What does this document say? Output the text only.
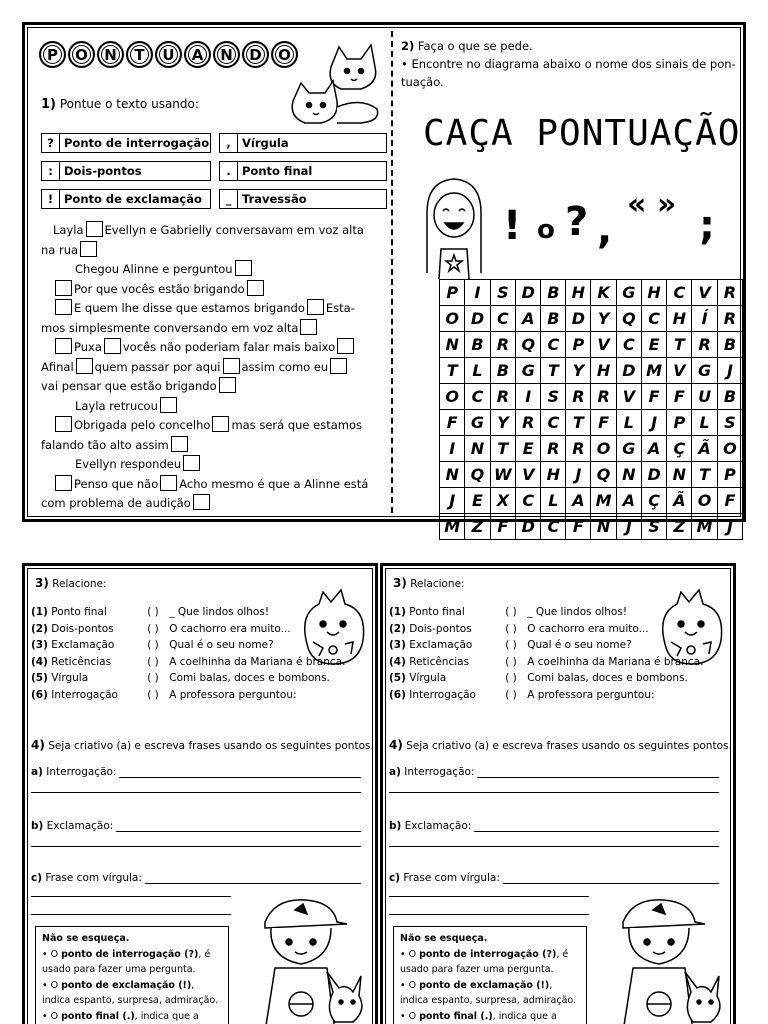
P	O	N	T	U	A	N	D	O
1) Pontue o texto usando:
? Ponto de interrogação	, Vírgula
: Dois-pontos	. Ponto final
! Ponto de exclamação	_ Travessão

Layla Evellyn e Gabrielly conversavam em voz alta

na rua

Chegou Alinne e perguntou

Por que vocês estão brigando

E quem lhe disse que estamos brigando Esta-

mos simplesmente conversando em voz alta

Puxa vocês não poderiam falar mais baixo

Afinal quem passar por aqui assim como eu

vai pensar que estão brigando

Layla retrucou

Obrigada pelo concelho mas será que estamos

falando tão alto assim

Evellyn respondeu

Penso que não Acho mesmo é que a Alinne está

com problema de audição

2) Faça o que se pede.

• Encontre no diagrama abaixo o nome dos sinais de pon-

tuação.

CAÇA PONTUAÇÃO
! o ? ,
« » ;
P	I	S	D	B	H	K	G	H	C	V	R
O	D	C	A	B	D	Y	Q	C	H	Í	R
N	B	R	Q	C	P	V	C	E	T	R	B
T	L	B	G	T	Y	H	D	M	V	G	J
O	C	R	I	S	R	R	V	F	F	U	B
F	G	Y	R	C	T	F	L	J	P	L	S
I	N	T	E	R	R	O	G	A	Ç	Ã	O
N	Q	W	V	H	J	Q	N	D	N	T	P
J	E	X	C	L	A	M	A	Ç	Ã	O	F
M	Z	F	D	C	F	N	J	S	Z	M	J
3) Relacione:
(1) Ponto final	( ) _ Que lindos olhos!
(2) Dois-pontos	( ) O cachorro era muito...
(3) Exclamação	( ) Qual é o seu nome?
(4) Reticências	( ) A coelhinha da Mariana é branca.
(5) Vírgula	( ) Comi balas, doces e bombons.
(6) Interrogação	( ) A professora perguntou:
4) Seja criativo (a) e escreva frases usando os seguintes pontos.
a)
Interrogação:
b)
Exclamação:
c)
Frase com vírgula:
Não se esqueça.
• O ponto de interrogação (?), é usado para fazer uma pergunta.
• O ponto de exclamação (!), indica espanto, surpresa, admiração.
• O ponto final (.), indica que a
3) Relacione:
(1) Ponto final	( ) _ Que lindos olhos!
(2) Dois-pontos	( ) O cachorro era muito...
(3) Exclamação	( ) Qual é o seu nome?
(4) Reticências	( ) A coelhinha da Mariana é branca.
(5) Vírgula	( ) Comi balas, doces e bombons.
(6) Interrogação	( ) A professora perguntou:
4) Seja criativo (a) e escreva frases usando os seguintes pontos.
a)
Interrogação:
b)
Exclamação:
c)
Frase com vírgula:
Não se esqueça.
• O ponto de interrogação (?), é usado para fazer uma pergunta.
• O ponto de exclamação (!), indica espanto, surpresa, admiração.
• O ponto final (.), indica que a
